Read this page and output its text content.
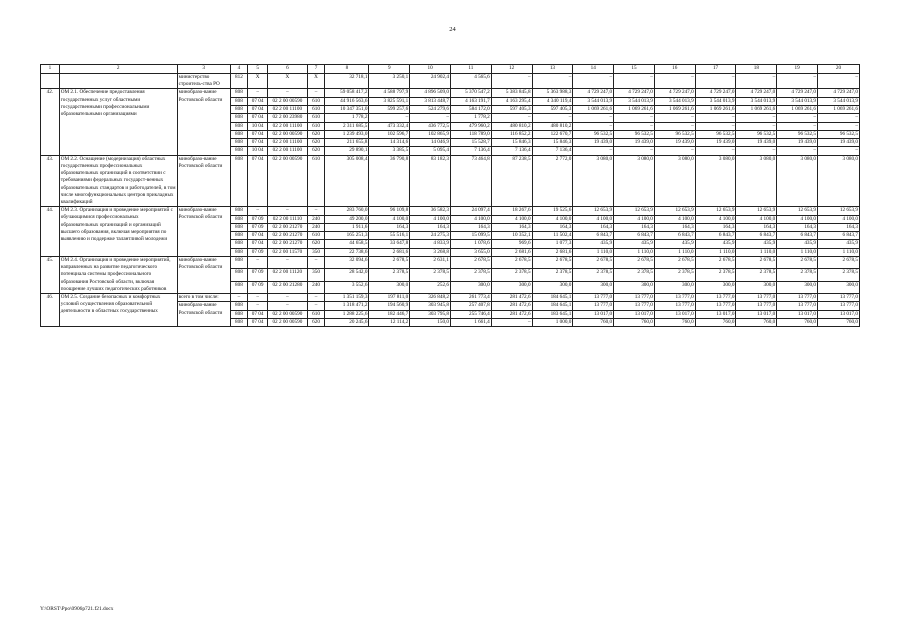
24
1	2	3	4	5	6	7	8	9	10	11	12	13	14	15	16	17	18	19	20
		министерство строитель-ства РО	812	X	X	X	32 718,1	3 250,1	24 902,4	4 565,6	–	–	–	–	–	–	–	–	–
42.	ОМ 2.1. Обеспечение предоставления государственных услуг областными государственными профессиональными образовательными организациями	минобразо-вание Ростовской области	808	–	–	–	59 058 417,2	4 588 797,9	4 896 509,0	5 370 547,2	5 383 845,8	5 363 988,3	4 729 247,0	4 729 247,0	4 729 247,0	4 729 247,0	4 729 247,0	4 729 247,0	4 729 247,0
			808	07 04	02 2 00 00590	610	44 916 563,6	3 825 591,1	3 813 448,7	4 163 191,7	4 163 295,4	4 340 119,4	3 544 013,9	3 544 013,9	3 544 013,9	3 544 013,9	3 544 013,9	3 544 013,9	3 544 013,9
			808	07 04	02 2 00 11100	610	10 347 351,0	599 257,6	524 279,6	584 172,0	597 405,3	597 405,3	1 069 261,6	1 069 261,6	1 069 261,6	1 069 261,6	1 069 261,6	1 069 261,6	1 069 261,6
			808	07 04	02 2 00 23980	610	1 778,2	–	–	1 778,2	–	–	–	–	–	–	–	–	–
			808	10 04	02 2 00 11100	610	2 311 685,5	473 332,4	436 772,5	479 960,2	480 810,2	480 810,2	–	–	–	–	–	–	–
			808	07 04	02 2 00 00590	620	1 239 493,0	102 596,7	102 865,9	118 789,0	116 852,2	122 670,7	96 532,5	96 532,5	96 532,5	96 532,5	96 532,5	96 532,5	96 532,5
			808	07 04	02 2 00 11100	620	211 655,8	14 314,6	14 046,9	15 528,7	15 846,3	15 846,3	19 439,0	19 439,0	19 439,0	19 439,0	19 439,0	19 439,0	19 439,0
			808	10 04	02 2 00 11100	620	29 890,1	3 385,5	5 095,4	7 136,4	7 136,4	7 136,4	–	–	–	–	–	–	–
43.	ОМ 2.2. Оснащение (модернизация) областных государственных профессиональных образовательных организаций в соответствии с требованиями федеральных государст-венных образовательных стандартов и работодателей, в том числе многофункциональных центров прикладных квалификаций	минобразо-вание Ростовской области	808	07 04	02 2 00 00590	610	305 008,4	36 790,8	83 182,3	73 464,8	87 238,5	2 772,0	3 080,0	3 080,0	3 080,0	3 080,0	3 080,0	3 080,0	3 080,0
44.	ОМ 2.3. Организация и проведение мероприятий с обучающимися профессиональных образовательных организаций и организаций высшего образования, включая мероприятия по выявлению и поддержке талантливой молодежи	минобразо-вание Ростовской области	808	–	–	–	283 760,0	96 109,8	36 582,3	24 097,4	18 267,6	19 525,6	12 653,9	12 653,9	12 653,9	12 653,9	12 653,9	12 653,9	12 653,9
			808	07 09	02 2 00 11110	240	49 200,0	4 100,0	4 100,0	4 100,0	4 100,0	4 100,0	4 100,0	4 100,0	4 100,0	4 100,0	4 100,0	4 100,0	4 100,0
			808	07 09	02 2 00 21270	240	1 911,6	164,3	164,3	164,3	164,3	164,3	164,3	164,3	164,3	164,3	164,3	164,3	164,3
			808	07 04	02 2 00 21270	610	165 251,3	55 516,1	24 275,3	15 099,5	10 352,1	11 502,4	6 843,7	6 843,7	6 843,7	6 843,7	6 843,7	6 843,7	6 843,7
			808	07 04	02 2 00 21270	620	44 658,5	33 647,8	4 833,9	1 078,6	969,6	1 077,3	435,9	435,9	435,9	435,9	435,9	435,9	435,9
			808	07 09	02 2 00 11570	350	22 738,6	2 681,6	3 268,8	3 655,0	2 681,6	2 681,6	1 110,0	1 110,0	1 110,0	1 110,0	1 110,0	1 110,0	1 110,0
45.	ОМ 2.4. Организация и проведение мероприятий, направленных на развитие педагогического потенциала системы профессионального образования Ростовской области, включая поощрение лучших педагогических работников	минобразо-вание Ростовской области	808	–	–	–	32 094,6	2 678,5	2 631,1	2 678,5	2 678,5	2 678,5	2 678,5	2 678,5	2 678,5	2 678,5	2 678,5	2 678,5	2 678,5
			808	07 09	02 2 00 11120	350	28 542,0	2 378,5	2 378,5	2 378,5	2 378,5	2 378,5	2 378,5	2 378,5	2 378,5	2 378,5	2 378,5	2 378,5	2 378,5
			808	07 09	02 2 00 21280	240	3 552,6	300,0	252,6	300,0	300,0	300,0	300,0	300,0	300,0	300,0	300,0	300,0	300,0
46.	ОМ 2.5. Создание безопасных и комфортных условий осуществления образовательной деятельности в областных государственных	всего в том числе:	–	–	–	–	1 351 159,3	197 811,0	326 848,2	261 773,4	281 472,6	184 645,1	13 777,0	13 777,0	13 777,0	13 777,0	13 777,0	13 777,0	13 777,0
		минобразо-вание Ростовской области	808	–	–	–	1 318 471,2	194 560,9	303 945,8	257 407,8	281 472,6	184 645,1	13 777,0	13 777,0	13 777,0	13 777,0	13 777,0	13 777,0	13 777,0
			808	07 04	02 2 00 00590	610	1 288 225,6	182 446,7	303 795,8	255 746,4	281 472,6	183 645,1	13 017,0	13 017,0	13 017,0	13 017,0	13 017,0	13 017,0	13 017,0
			808	07 04	02 2 00 00590	620	20 245,6	12 114,2	150,0	1 661,4	–	1 000,0	760,0	760,0	760,0	760,0	760,0	760,0	760,0
Y:\ORST\Ppo\0906p721.f21.docx
